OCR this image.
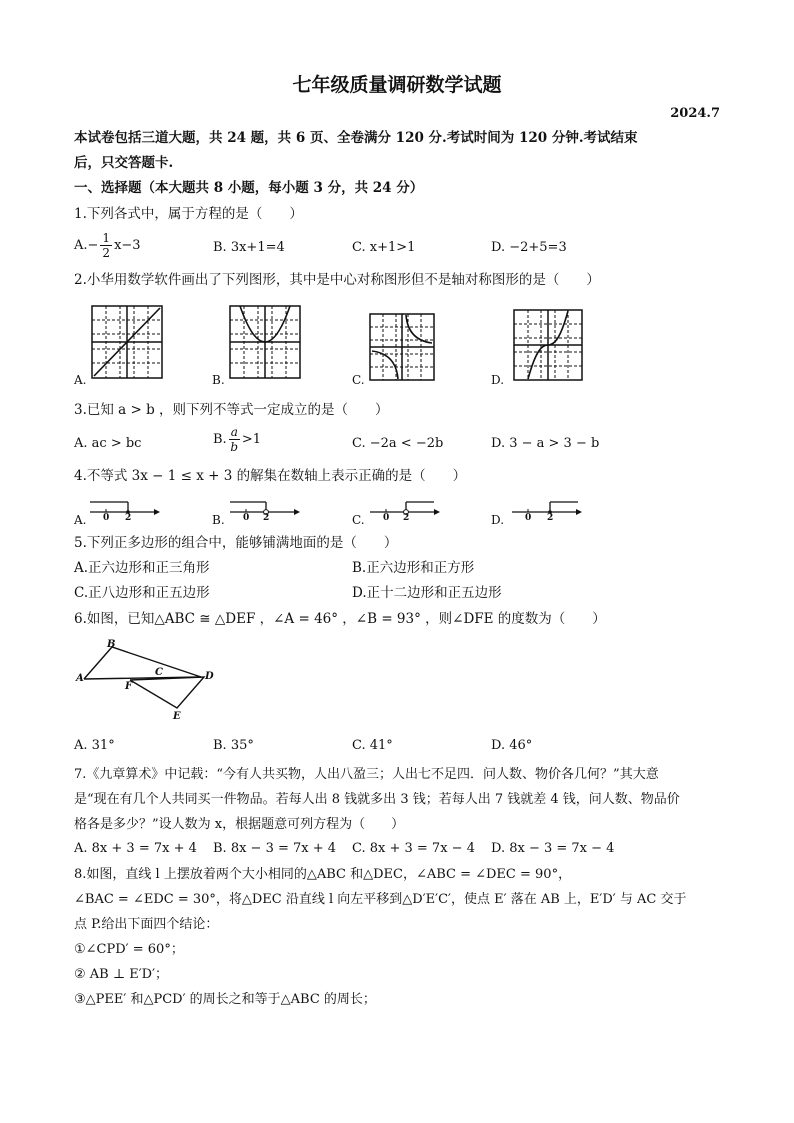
七年级质量调研数学试题
2024.7
本试卷包括三道大题，共 24 题，共 6 页、全卷满分 120 分.考试时间为 120 分钟.考试结束
后，只交答题卡.
一、选择题（本大题共 8 小题，每小题 3 分，共 24 分）
1.下列各式中，属于方程的是（　　）
$A.- \frac{1}{2} x-3$	B. 3x+1=4	C. x+1>1	D. −2+5=3
2.小华用数学软件画出了下列图形，其中是中心对称图形但不是轴对称图形的是（　　）
A.	B.	C.	D.
3.已知 a > b ，则下列不等式一定成立的是（　　）
A. ac > bc	B. $\frac{a}{b} >1$	C. −2a < −2b	D. 3 − a > 3 − b
4.不等式 3x − 1 ≤ x + 3 的解集在数轴上表示正确的是（　　）
A. 0 2	B. 0 2	C. 0 2	D. 0 2
5.下列正多边形的组合中，能够铺满地面的是（　　）
A.正六边形和正三角形	B.正六边形和正方形
C.正八边形和正五边形	D.正十二边形和正五边形
6.如图，已知△ABC ≅ △DEF ，∠A = 46° ，∠B = 93° ，则∠DFE 的度数为（　　）
B
A
C
F
D
E
A. 31°	B. 35°	C. 41°	D. 46°
7.《九章算术》中记载：“今有人共买物，人出八盈三；人出七不足四．问人数、物价各几何？”其大意
是“现在有几个人共同买一件物品。若每人出 8 钱就多出 3 钱；若每人出 7 钱就差 4 钱，问人数、物品价
格各是多少？”设人数为 x，根据题意可列方程为（　　）
A. 8x + 3 = 7x + 4 B. 8x − 3 = 7x + 4 C. 8x + 3 = 7x − 4 D. 8x − 3 = 7x − 4
8.如图，直线 l 上摆放着两个大小相同的△ABC 和△DEC，∠ABC = ∠DEC = 90°，
∠BAC = ∠EDC = 30°，将△DEC 沿直线 l 向左平移到△D′E′C′，使点 E′ 落在 AB 上，E′D′ 与 AC 交于
点 P.给出下面四个结论：
①∠CPD′ = 60°；
② AB ⊥ E′D′；
③△PEE′ 和△PCD′ 的周长之和等于△ABC 的周长；
